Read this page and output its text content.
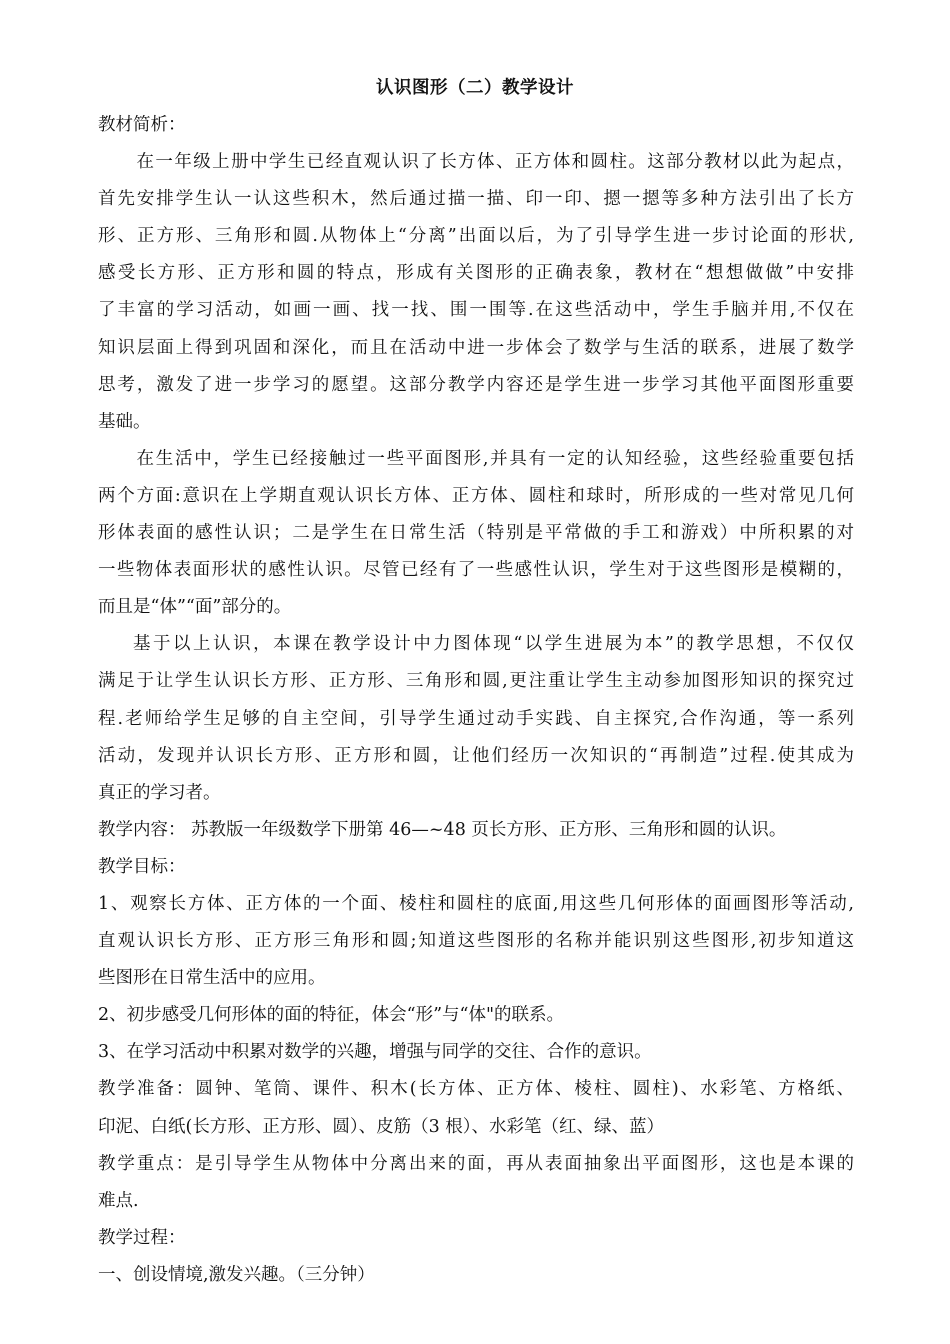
认识图形（二）教学设计
教材简析：
在一年级上册中学生已经直观认识了长方体、正方体和圆柱。这部分教材以此为起点，
首先安排学生认一认这些积木，然后通过描一描、印一印、摁一摁等多种方法引出了长方
形、正方形、三角形和圆.从物体上“分离”出面以后，为了引导学生进一步讨论面的形状,
感受长方形、正方形和圆的特点，形成有关图形的正确表象，教材在“想想做做”中安排
了丰富的学习活动，如画一画、找一找、围一围等.在这些活动中，学生手脑并用,不仅在
知识层面上得到巩固和深化，而且在活动中进一步体会了数学与生活的联系，进展了数学
思考，激发了进一步学习的愿望。这部分教学内容还是学生进一步学习其他平面图形重要
基础。
在生活中，学生已经接触过一些平面图形,并具有一定的认知经验，这些经验重要包括
两个方面:意识在上学期直观认识长方体、正方体、圆柱和球时，所形成的一些对常见几何
形体表面的感性认识；二是学生在日常生活（特别是平常做的手工和游戏）中所积累的对
一些物体表面形状的感性认识。尽管已经有了一些感性认识，学生对于这些图形是模糊的，
而且是“体”“面”部分的。
基于以上认识，本课在教学设计中力图体现“以学生进展为本”的教学思想，不仅仅
满足于让学生认识长方形、正方形、三角形和圆,更注重让学生主动参加图形知识的探究过
程.老师给学生足够的自主空间，引导学生通过动手实践、自主探究,合作沟通，等一系列
活动，发现并认识长方形、正方形和圆，让他们经历一次知识的“再制造”过程.使其成为
真正的学习者。
教学内容： 苏教版一年级数学下册第 46—~48 页长方形、正方形、三角形和圆的认识。
教学目标：
1、观察长方体、正方体的一个面、棱柱和圆柱的底面,用这些几何形体的面画图形等活动,
直观认识长方形、正方形三角形和圆;知道这些图形的名称并能识别这些图形,初步知道这
些图形在日常生活中的应用。
2、初步感受几何形体的面的特征，体会“形”与“体"的联系。
3、在学习活动中积累对数学的兴趣，增强与同学的交往、合作的意识。
教学准备：圆钟、笔筒、课件、积木(长方体、正方体、棱柱、圆柱)、水彩笔、方格纸、
印泥、白纸(长方形、正方形、圆）、皮筋（3 根）、水彩笔（红、绿、蓝）
教学重点：是引导学生从物体中分离出来的面，再从表面抽象出平面图形，这也是本课的
难点.
教学过程：
一、创设情境,激发兴趣。（三分钟）
